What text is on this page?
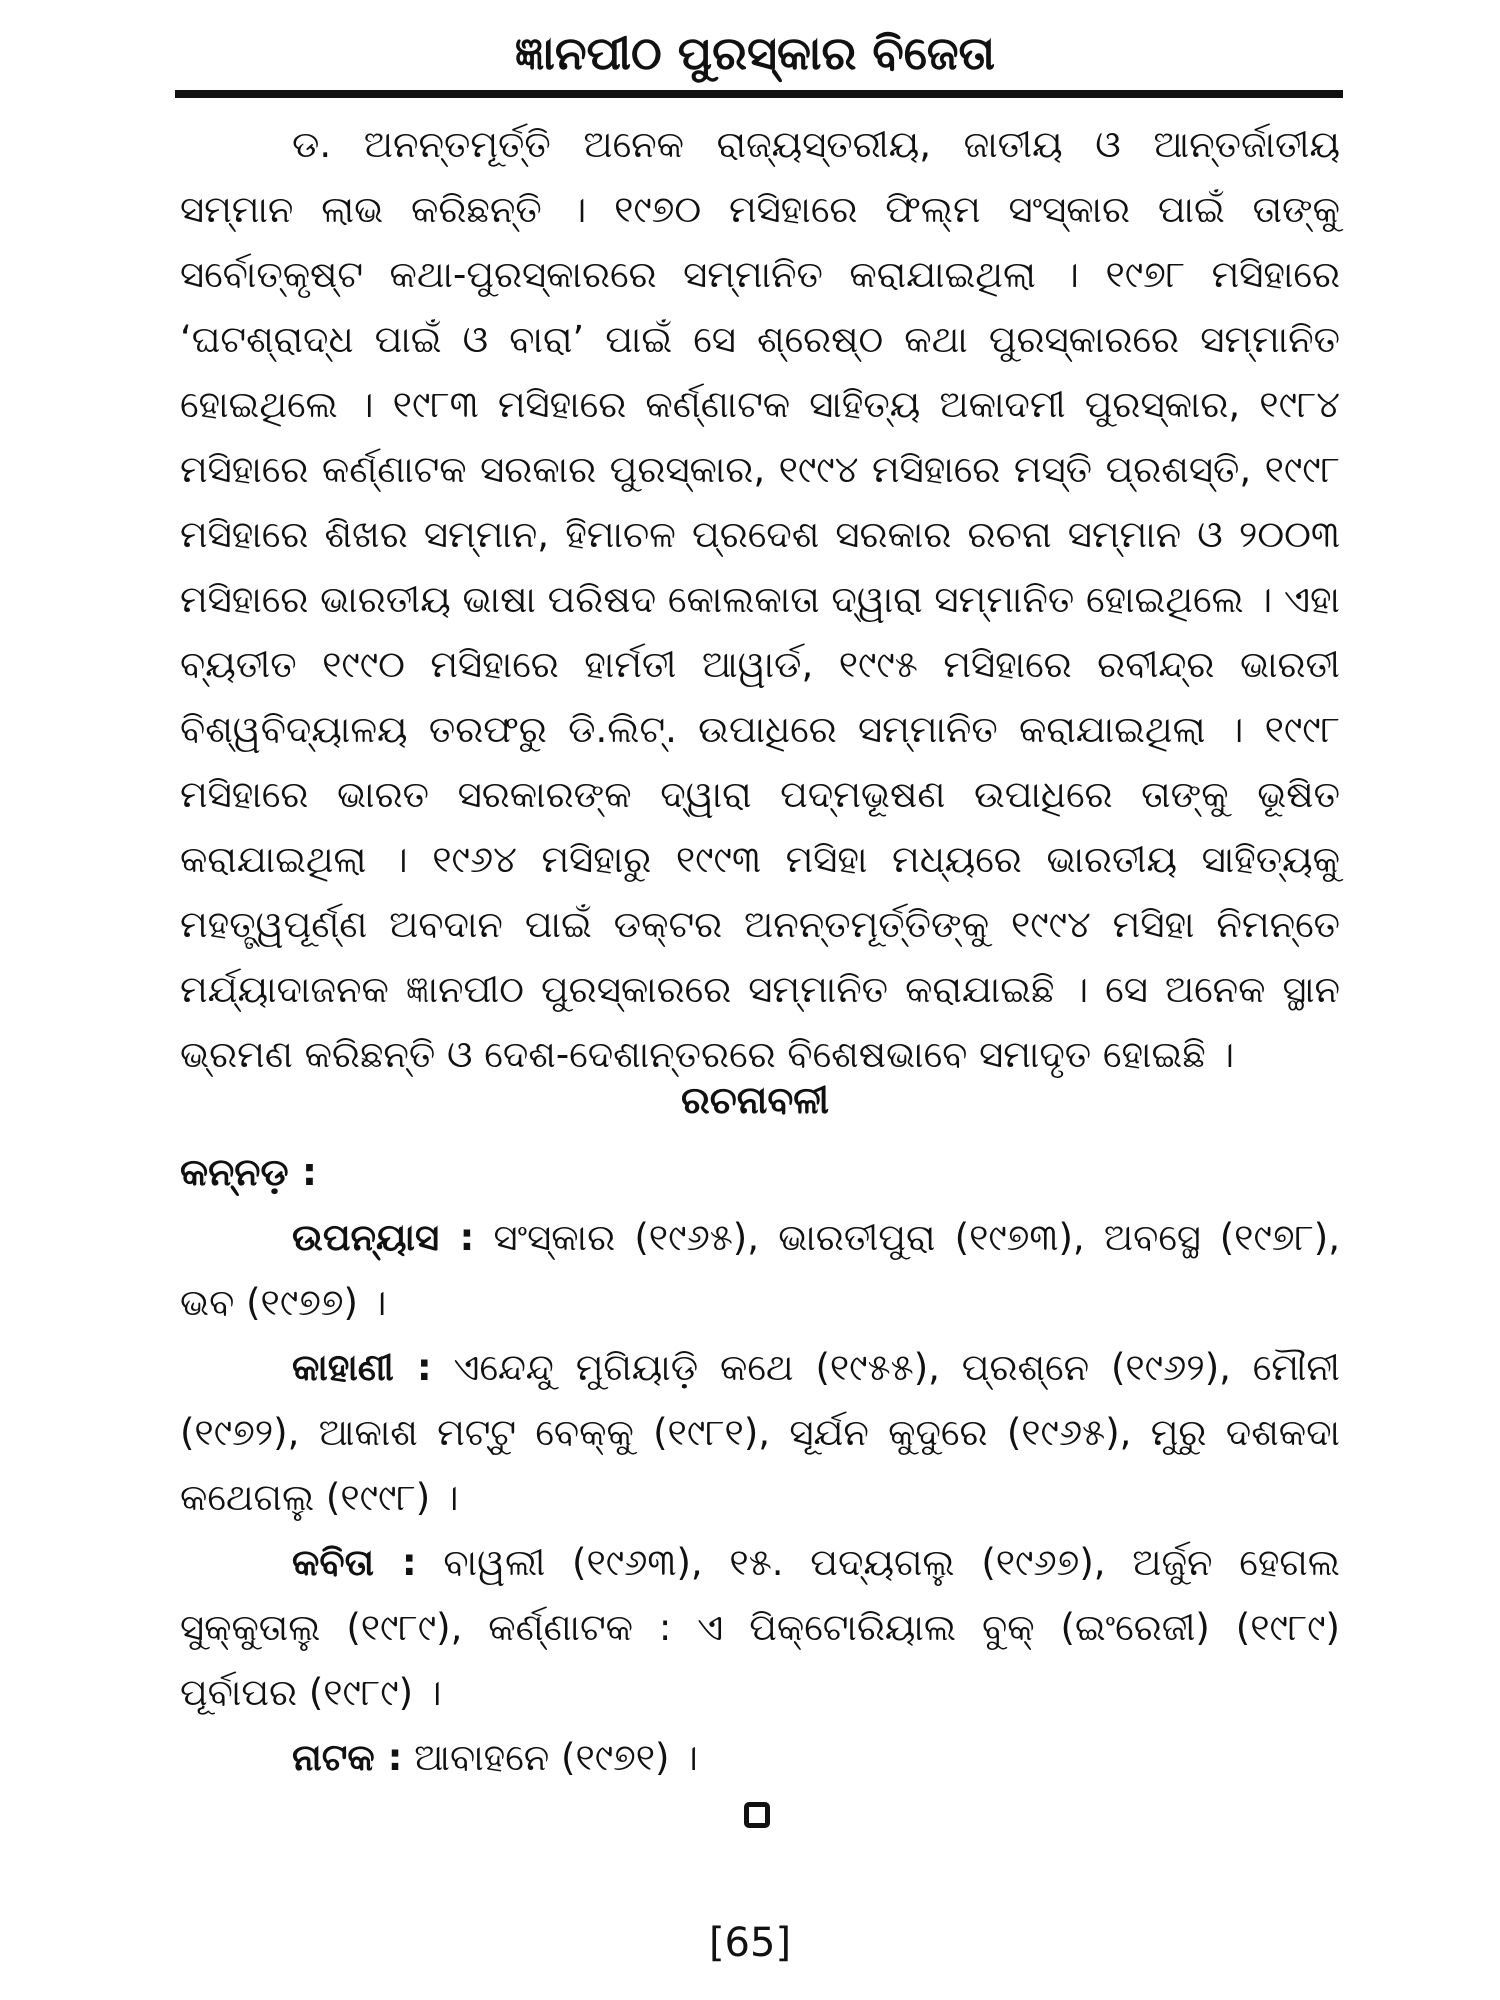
ଜ୍ଞାନପୀଠ ପୁରସ୍କାର ବିଜେତା

ଡ. ଅନନ୍ତମୂର୍ତ୍ତି ଅନେକ ରାଜ୍ୟସ୍ତରୀୟ, ଜାତୀୟ ଓ ଆନ୍ତର୍ଜାତୀୟ ସମ୍ମାନ ଲାଭ କରିଛନ୍ତି । ୧୯୭୦ ମସିହାରେ ଫିଲ୍ମ ସଂସ୍କାର ପାଇଁ ତାଙ୍କୁ ସର୍ବୋତ୍କୃଷ୍ଟ କଥା-ପୁରସ୍କାରରେ ସମ୍ମାନିତ କରାଯାଇଥିଲା । ୧୯୭୮ ମସିହାରେ ‘ଘଟଶ୍ରାଦ୍ଧ ପାଇଁ ଓ ବାରା’ ପାଇଁ ସେ ଶ୍ରେଷ୍ଠ କଥା ପୁରସ୍କାରରେ ସମ୍ମାନିତ ହୋଇଥିଲେ । ୧୯୮୩ ମସିହାରେ କର୍ଣ୍ଣାଟକ ସାହିତ୍ୟ ଅକାଦମୀ ପୁରସ୍କାର, ୧୯୮୪ ମସିହାରେ କର୍ଣ୍ଣାଟକ ସରକାର ପୁରସ୍କାର, ୧୯୯୪ ମସିହାରେ ମସ୍ତି ପ୍ରଶସ୍ତି, ୧୯୯୮ ମସିହାରେ ଶିଖର ସମ୍ମାନ, ହିମାଚଳ ପ୍ରଦେଶ ସରକାର ରଚନା ସମ୍ମାନ ଓ ୨୦୦୩ ମସିହାରେ ଭାରତୀୟ ଭାଷା ପରିଷଦ କୋଲକାତା ଦ୍ୱାରା ସମ୍ମାନିତ ହୋଇଥିଲେ । ଏହା ବ୍ୟତୀତ ୧୯୯୦ ମସିହାରେ ହାର୍ମତୀ ଆୱାର୍ଡ, ୧୯୯୫ ମସିହାରେ ରବୀନ୍ଦ୍ର ଭାରତୀ ବିଶ୍ୱବିଦ୍ୟାଳୟ ତରଫରୁ ଡି.ଲିଟ୍. ଉପାଧିରେ ସମ୍ମାନିତ କରାଯାଇଥିଲା । ୧୯୯୮ ମସିହାରେ ଭାରତ ସରକାରଙ୍କ ଦ୍ୱାରା ପଦ୍ମଭୂଷଣ ଉପାଧିରେ ତାଙ୍କୁ ଭୂଷିତ କରାଯାଇଥିଲା । ୧୯୬୪ ମସିହାରୁ ୧୯୯୩ ମସିହା ମଧ୍ୟରେ ଭାରତୀୟ ସାହିତ୍ୟକୁ ମହତ୍ତ୍ୱପୂର୍ଣ୍ଣ ଅବଦାନ ପାଇଁ ଡକ୍ଟର ଅନନ୍ତମୂର୍ତ୍ତିଙ୍କୁ ୧୯୯୪ ମସିହା ନିମନ୍ତେ ମର୍ଯ୍ୟାଦାଜନକ ଜ୍ଞାନପୀଠ ପୁରସ୍କାରରେ ସମ୍ମାନିତ କରାଯାଇଛି । ସେ ଅନେକ ସ୍ଥାନ ଭ୍ରମଣ କରିଛନ୍ତି ଓ ଦେଶ-ଦେଶାନ୍ତରରେ ବିଶେଷଭାବେ ସମାଦୃତ ହୋଇଛି ।

ରଚନାବଳୀ
କନ୍ନଡ଼ :

ଉପନ୍ୟାସ : ସଂସ୍କାର (୧୯୬୫), ଭାରତୀପୁରା (୧୯୭୩), ଅବସ୍ଥେ (୧୯୭୮), ଭବ (୧୯୭୭) ।

କାହାଣୀ : ଏନ୍ଦେନ୍ଦୁ ମୁଗିୟାଡ଼ି କଥେ (୧୯୫୫), ପ୍ରଶ୍ନେ (୧୯୬୨), ମୌନୀ (୧୯୭୨), ଆକାଶ ମଟ୍ଟୁ ବେକ୍କୁ (୧୯୮୧), ସୂର୍ଯନ କୁଦୁରେ (୧୯୬୫), ମୁରୁ ଦଶକଦା କଥେଗଲୁ (୧୯୯୮) ।

କବିତା : ବାୱଲୀ (୧୯୬୩), ୧୫. ପଦ୍ୟଗଲୁ (୧୯୬୭), ଅର୍ଜୁନ ହେଗଲ ସୁକ୍କୁତାଲୁ (୧୯୮୯), କର୍ଣ୍ଣାଟକ : ଏ ପିକ୍‌ଟୋରିୟାଲ ବୁକ୍ (ଇଂରେଜୀ) (୧୯୮୯) ପୂର୍ବାପର (୧୯୮୯) ।

ନାଟକ : ଆବାହନେ (୧୯୭୧) ।

[65]
